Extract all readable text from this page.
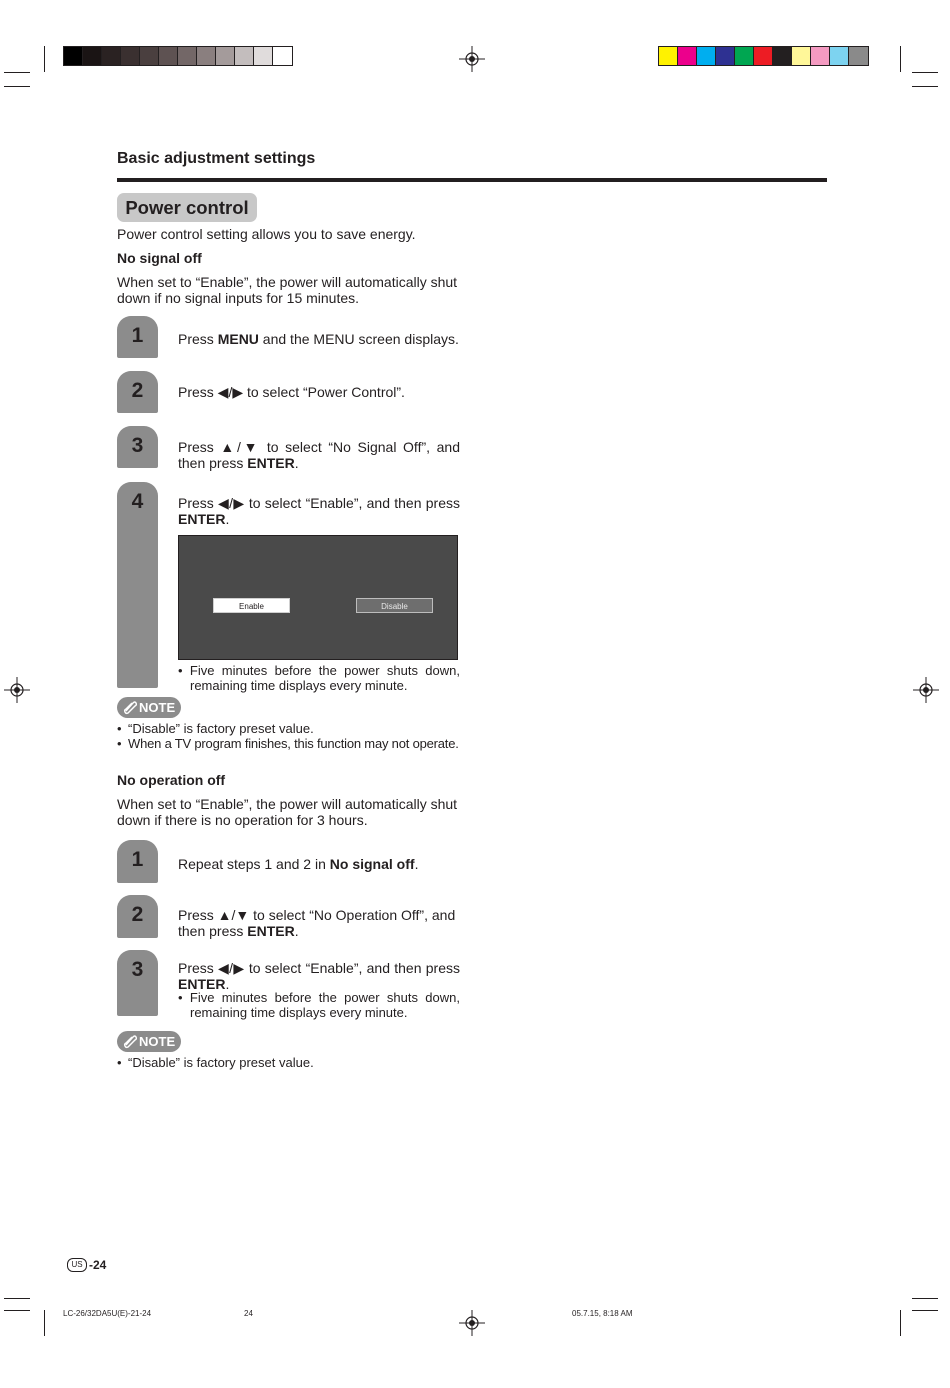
Basic adjustment settings
Power control
Power control setting allows you to save energy.
No signal off
When set to “Enable”, the power will automatically shut down if no signal inputs for 15 minutes.
1	Press MENU and the MENU screen displays.
2	Press ◀/▶ to select “Power Control”.
3	Press ▲/▼ to select “No Signal Off”, and then press ENTER.
4	Press ◀/▶ to select “Enable”, and then press ENTER.
Enable	Disable
• Five minutes before the power shuts down, remaining time displays every minute.
NOTE
• “Disable” is factory preset value.
• When a TV program finishes, this function may not operate.
No operation off
When set to “Enable”, the power will automatically shut down if there is no operation for 3 hours.
1	Repeat steps 1 and 2 in No signal off.
2	Press ▲/▼ to select “No Operation Off”, and then press ENTER.
3	Press ◀/▶ to select “Enable”, and then press ENTER.
• Five minutes before the power shuts down, remaining time displays every minute.
NOTE
• “Disable” is factory preset value.
US -24
LC-26/32DA5U(E)-21-24	24	05.7.15, 8:18 AM
